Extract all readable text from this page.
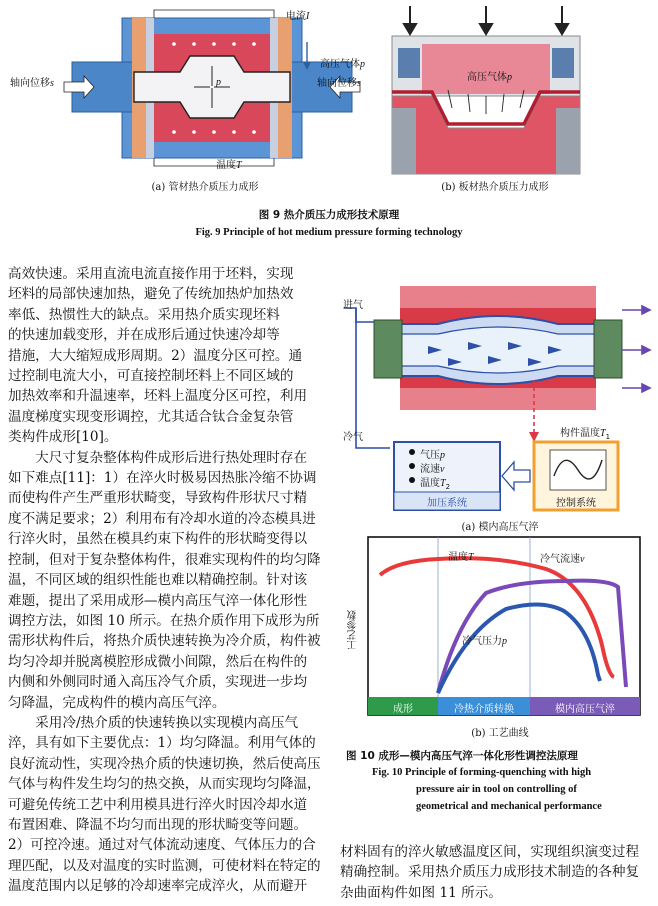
电流I
高压气体p
轴向位移s	轴向位移s
p
温度T
(a) 管材热介质压力成形
高压气体p
(b) 板材热介质压力成形
图 9 热介质压力成形技术原理
Fig. 9 Principle of hot medium pressure forming technology

高效快速。采用直流电流直接作用于坯料，实现

坯料的局部快速加热，避免了传统加热炉加热效

率低、热惯性大的缺点。采用热介质实现坯料

的快速加载变形，并在成形后通过快速冷却等

措施，大大缩短成形周期。2）温度分区可控。通

过控制电流大小，可直接控制坯料上不同区域的

加热效率和升温速率，坯料上温度分区可控，利用

温度梯度实现变形调控，尤其适合钛合金复杂管

类构件成形[10]。

　　大尺寸复杂整体构件成形后进行热处理时存在

如下难点[11]：1）在淬火时极易因热胀冷缩不协调

而使构件产生严重形状畸变，导致构件形状尺寸精

度不满足要求；2）利用布有冷却水道的冷态模具进

行淬火时，虽然在模具约束下构件的形状畸变得以

控制，但对于复杂整体构件，很难实现构件的均匀降

温，不同区域的组织性能也难以精确控制。针对该

难题，提出了采用成形—模内高压气淬一体化形性

调控方法，如图 10 所示。在热介质作用下成形为所

需形状构件后，将热介质快速转换为冷介质，构件被

均匀冷却并脱离模腔形成微小间隙，然后在构件的

内侧和外侧同时通入高压冷气介质，实现进一步均

匀降温，完成构件的模内高压气淬。

　　采用冷/热介质的快速转换以实现模内高压气

淬，具有如下主要优点：1）均匀降温。利用气体的

良好流动性，实现冷热介质的快速切换，然后使高压

气体与构件发生均匀的热交换，从而实现均匀降温，

可避免传统工艺中利用模具进行淬火时因冷却水道

布置困难、降温不均匀而出现的形状畸变等问题。

2）可控冷速。通过对气体流动速度、气体压力的合

理匹配，以及对温度的实时监测，可使材料在特定的

温度范围内以足够的冷却速率完成淬火，从而避开

进气
冷气	构件温度$T_1$
气压p
流速v
温度$T_2$
加压系统	控制系统
(a) 模内高压气淬
工艺参数
温度T	冷气流速v
冷气压力p
成形	冷热介质转换	模内高压气淬
(b) 工艺曲线
图 10 成形—模内高压气淬一体化形性调控法原理
Fig. 10 Principle of forming-quenching with high
pressure air in tool on controlling of
geometrical and mechanical performance

材料固有的淬火敏感温度区间，实现组织演变过程

精确控制。采用热介质压力成形技术制造的各种复

杂曲面构件如图 11 所示。
